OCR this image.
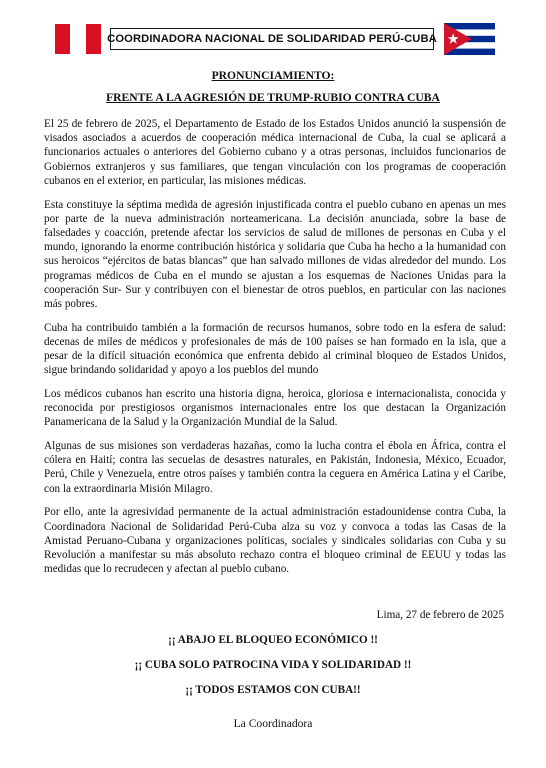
COORDINADORA NACIONAL DE SOLIDARIDAD PERÚ-CUBA
PRONUNCIAMIENTO:
FRENTE A LA AGRESIÓN DE TRUMP-RUBIO CONTRA CUBA

El 25 de febrero de 2025, el Departamento de Estado de los Estados Unidos anunció la suspensión de visados asociados a acuerdos de cooperación médica internacional de Cuba, la cual se aplicará a funcionarios actuales o anteriores del Gobierno cubano y a otras personas, incluidos funcionarios de Gobiernos extranjeros y sus familiares, que tengan vinculación con los programas de cooperación cubanos en el exterior, en particular, las misiones médicas.

Esta constituye la séptima medida de agresión injustificada contra el pueblo cubano en apenas un mes por parte de la nueva administración norteamericana. La decisión anunciada, sobre la base de falsedades y coacción, pretende afectar los servicios de salud de millones de personas en Cuba y el mundo, ignorando la enorme contribución histórica y solidaria que Cuba ha hecho a la humanidad con sus heroicos “ejércitos de batas blancas” que han salvado millones de vidas alrededor del mundo. Los programas médicos de Cuba en el mundo se ajustan a los esquemas de Naciones Unidas para la cooperación Sur- Sur y contribuyen con el bienestar de otros pueblos, en particular con las naciones más pobres.

Cuba ha contribuido también a la formación de recursos humanos, sobre todo en la esfera de salud: decenas de miles de médicos y profesionales de más de 100 países se han formado en la isla, que a pesar de la difícil situación económica que enfrenta debido al criminal bloqueo de Estados Unidos, sigue brindando solidaridad y apoyo a los pueblos del mundo

Los médicos cubanos han escrito una historia digna, heroica, gloriosa e internacionalista, conocida y reconocida por prestigiosos organismos internacionales entre los que destacan la Organización Panamericana de la Salud y la Organización Mundial de la Salud.

Algunas de sus misiones son verdaderas hazañas, como la lucha contra el ébola en África, contra el cólera en Haití; contra las secuelas de desastres naturales, en Pakistán, Indonesia, México, Ecuador, Perú, Chile y Venezuela, entre otros países y también contra la ceguera en América Latina y el Caribe, con la extraordinaria Misión Milagro.

Por ello, ante la agresividad permanente de la actual administración estadounidense contra Cuba, la Coordinadora Nacional de Solidaridad Perú-Cuba alza su voz y convoca a todas las Casas de la Amistad Peruano-Cubana y organizaciones políticas, sociales y sindicales solidarias con Cuba y su Revolución a manifestar su más absoluto rechazo contra el bloqueo criminal de EEUU y todas las medidas que lo recrudecen y afectan al pueblo cubano.

Lima, 27 de febrero de 2025
¡¡ ABAJO EL BLOQUEO ECONÓMICO !!
¡¡ CUBA SOLO PATROCINA VIDA Y SOLIDARIDAD !!
¡¡ TODOS ESTAMOS CON CUBA!!
La Coordinadora
